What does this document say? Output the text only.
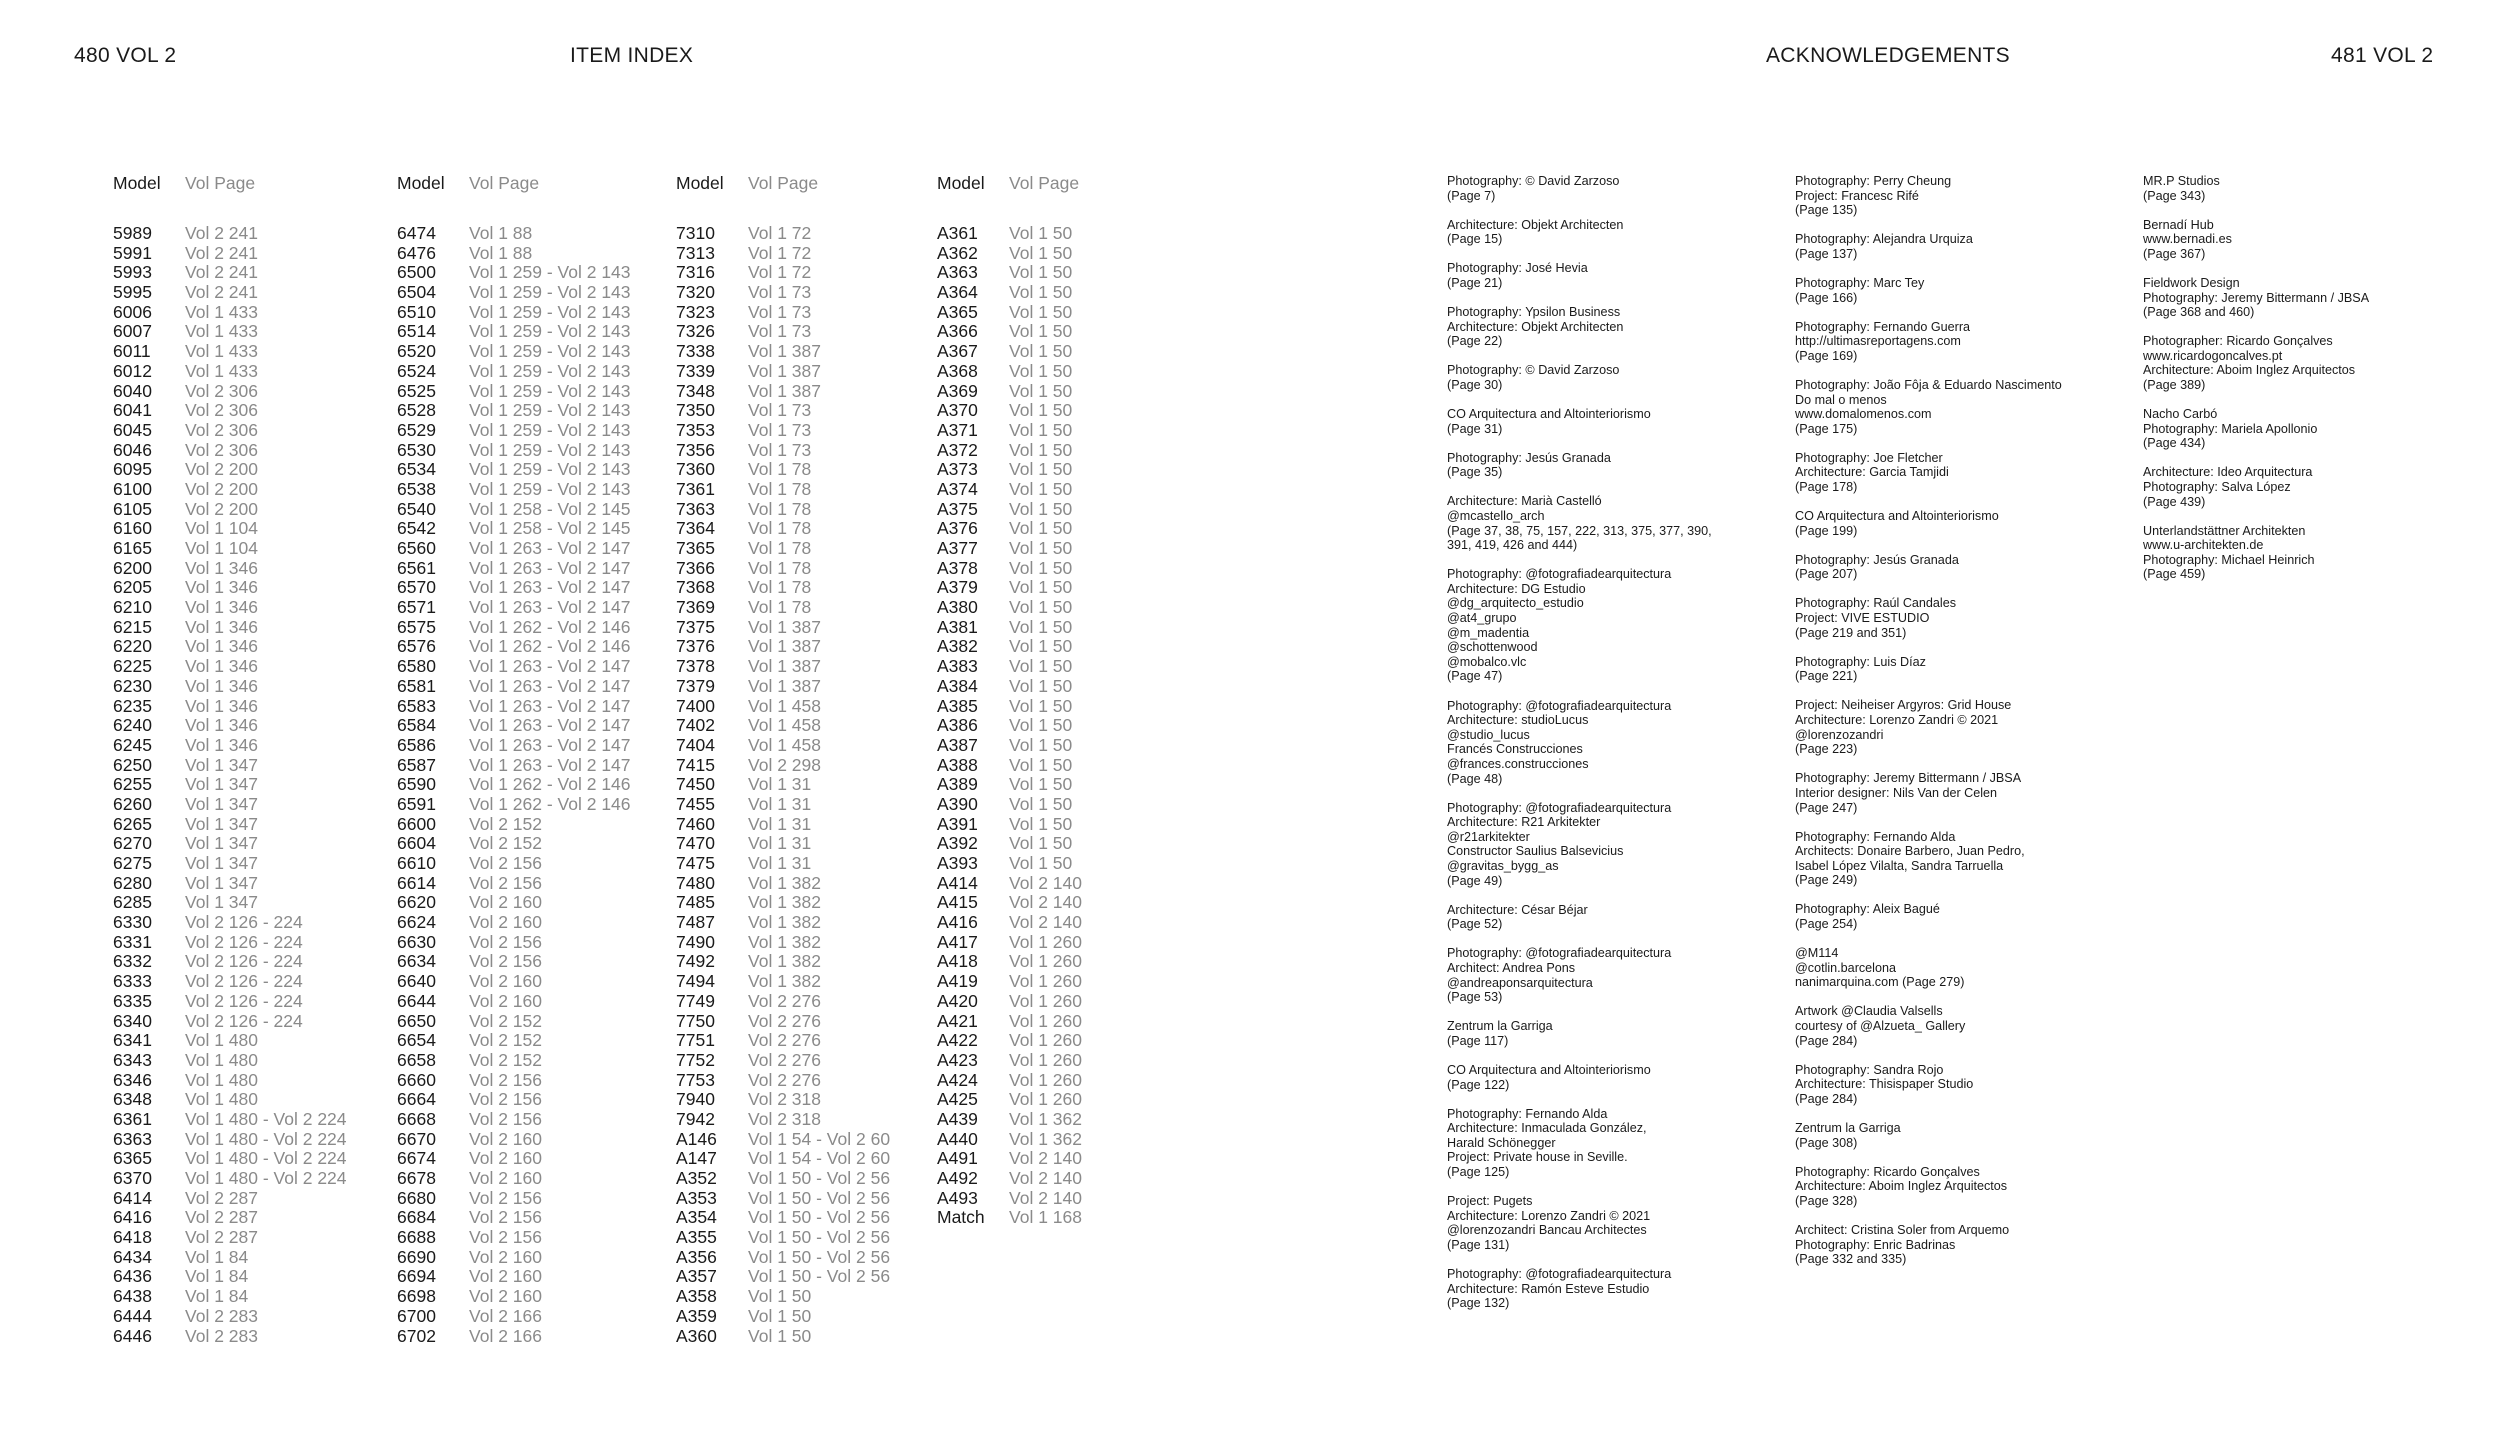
480 VOL 2	ITEM INDEX	ACKNOWLEDGEMENTS	481 VOL 2
Model Vol Page
5989 Vol 2 241
5991 Vol 2 241
5993 Vol 2 241
5995 Vol 2 241
6006 Vol 1 433
6007 Vol 1 433
6011 Vol 1 433
6012 Vol 1 433
6040 Vol 2 306
6041 Vol 2 306
6045 Vol 2 306
6046 Vol 2 306
6095 Vol 2 200
6100 Vol 2 200
6105 Vol 2 200
6160 Vol 1 104
6165 Vol 1 104
6200 Vol 1 346
6205 Vol 1 346
6210 Vol 1 346
6215 Vol 1 346
6220 Vol 1 346
6225 Vol 1 346
6230 Vol 1 346
6235 Vol 1 346
6240 Vol 1 346
6245 Vol 1 346
6250 Vol 1 347
6255 Vol 1 347
6260 Vol 1 347
6265 Vol 1 347
6270 Vol 1 347
6275 Vol 1 347
6280 Vol 1 347
6285 Vol 1 347
6330 Vol 2 126 - 224
6331 Vol 2 126 - 224
6332 Vol 2 126 - 224
6333 Vol 2 126 - 224
6335 Vol 2 126 - 224
6340 Vol 2 126 - 224
6341 Vol 1 480
6343 Vol 1 480
6346 Vol 1 480
6348 Vol 1 480
6361 Vol 1 480 - Vol 2 224
6363 Vol 1 480 - Vol 2 224
6365 Vol 1 480 - Vol 2 224
6370 Vol 1 480 - Vol 2 224
6414 Vol 2 287
6416 Vol 2 287
6418 Vol 2 287
6434 Vol 1 84
6436 Vol 1 84
6438 Vol 1 84
6444 Vol 2 283
6446 Vol 2 283
Model Vol Page
6474 Vol 1 88
6476 Vol 1 88
6500 Vol 1 259 - Vol 2 143
6504 Vol 1 259 - Vol 2 143
6510 Vol 1 259 - Vol 2 143
6514 Vol 1 259 - Vol 2 143
6520 Vol 1 259 - Vol 2 143
6524 Vol 1 259 - Vol 2 143
6525 Vol 1 259 - Vol 2 143
6528 Vol 1 259 - Vol 2 143
6529 Vol 1 259 - Vol 2 143
6530 Vol 1 259 - Vol 2 143
6534 Vol 1 259 - Vol 2 143
6538 Vol 1 259 - Vol 2 143
6540 Vol 1 258 - Vol 2 145
6542 Vol 1 258 - Vol 2 145
6560 Vol 1 263 - Vol 2 147
6561 Vol 1 263 - Vol 2 147
6570 Vol 1 263 - Vol 2 147
6571 Vol 1 263 - Vol 2 147
6575 Vol 1 262 - Vol 2 146
6576 Vol 1 262 - Vol 2 146
6580 Vol 1 263 - Vol 2 147
6581 Vol 1 263 - Vol 2 147
6583 Vol 1 263 - Vol 2 147
6584 Vol 1 263 - Vol 2 147
6586 Vol 1 263 - Vol 2 147
6587 Vol 1 263 - Vol 2 147
6590 Vol 1 262 - Vol 2 146
6591 Vol 1 262 - Vol 2 146
6600 Vol 2 152
6604 Vol 2 152
6610 Vol 2 156
6614 Vol 2 156
6620 Vol 2 160
6624 Vol 2 160
6630 Vol 2 156
6634 Vol 2 156
6640 Vol 2 160
6644 Vol 2 160
6650 Vol 2 152
6654 Vol 2 152
6658 Vol 2 152
6660 Vol 2 156
6664 Vol 2 156
6668 Vol 2 156
6670 Vol 2 160
6674 Vol 2 160
6678 Vol 2 160
6680 Vol 2 156
6684 Vol 2 156
6688 Vol 2 156
6690 Vol 2 160
6694 Vol 2 160
6698 Vol 2 160
6700 Vol 2 166
6702 Vol 2 166
Model Vol Page
7310 Vol 1 72
7313 Vol 1 72
7316 Vol 1 72
7320 Vol 1 73
7323 Vol 1 73
7326 Vol 1 73
7338 Vol 1 387
7339 Vol 1 387
7348 Vol 1 387
7350 Vol 1 73
7353 Vol 1 73
7356 Vol 1 73
7360 Vol 1 78
7361 Vol 1 78
7363 Vol 1 78
7364 Vol 1 78
7365 Vol 1 78
7366 Vol 1 78
7368 Vol 1 78
7369 Vol 1 78
7375 Vol 1 387
7376 Vol 1 387
7378 Vol 1 387
7379 Vol 1 387
7400 Vol 1 458
7402 Vol 1 458
7404 Vol 1 458
7415 Vol 2 298
7450 Vol 1 31
7455 Vol 1 31
7460 Vol 1 31
7470 Vol 1 31
7475 Vol 1 31
7480 Vol 1 382
7485 Vol 1 382
7487 Vol 1 382
7490 Vol 1 382
7492 Vol 1 382
7494 Vol 1 382
7749 Vol 2 276
7750 Vol 2 276
7751 Vol 2 276
7752 Vol 2 276
7753 Vol 2 276
7940 Vol 2 318
7942 Vol 2 318
A146 Vol 1 54 - Vol 2 60
A147 Vol 1 54 - Vol 2 60
A352 Vol 1 50 - Vol 2 56
A353 Vol 1 50 - Vol 2 56
A354 Vol 1 50 - Vol 2 56
A355 Vol 1 50 - Vol 2 56
A356 Vol 1 50 - Vol 2 56
A357 Vol 1 50 - Vol 2 56
A358 Vol 1 50
A359 Vol 1 50
A360 Vol 1 50
Model Vol Page
A361 Vol 1 50
A362 Vol 1 50
A363 Vol 1 50
A364 Vol 1 50
A365 Vol 1 50
A366 Vol 1 50
A367 Vol 1 50
A368 Vol 1 50
A369 Vol 1 50
A370 Vol 1 50
A371 Vol 1 50
A372 Vol 1 50
A373 Vol 1 50
A374 Vol 1 50
A375 Vol 1 50
A376 Vol 1 50
A377 Vol 1 50
A378 Vol 1 50
A379 Vol 1 50
A380 Vol 1 50
A381 Vol 1 50
A382 Vol 1 50
A383 Vol 1 50
A384 Vol 1 50
A385 Vol 1 50
A386 Vol 1 50
A387 Vol 1 50
A388 Vol 1 50
A389 Vol 1 50
A390 Vol 1 50
A391 Vol 1 50
A392 Vol 1 50
A393 Vol 1 50
A414 Vol 2 140
A415 Vol 2 140
A416 Vol 2 140
A417 Vol 1 260
A418 Vol 1 260
A419 Vol 1 260
A420 Vol 1 260
A421 Vol 1 260
A422 Vol 1 260
A423 Vol 1 260
A424 Vol 1 260
A425 Vol 1 260
A439 Vol 1 362
A440 Vol 1 362
A491 Vol 2 140
A492 Vol 2 140
A493 Vol 2 140
Match Vol 1 168
Photography: © David Zarzoso
(Page 7)
Architecture: Objekt Architecten
(Page 15)
Photography: José Hevia
(Page 21)
Photography: Ypsilon Business
Architecture: Objekt Architecten
(Page 22)
Photography: © David Zarzoso
(Page 30)
CO Arquitectura and Altointeriorismo
(Page 31)
Photography: Jesús Granada
(Page 35)
Architecture: Marià Castelló
@mcastello_arch
(Page 37, 38, 75, 157, 222, 313, 375, 377, 390,
391, 419, 426 and 444)
Photography: @fotografiadearquitectura
Architecture: DG Estudio
@dg_arquitecto_estudio
@at4_grupo
@m_madentia
@schottenwood
@mobalco.vlc
(Page 47)
Photography: @fotografiadearquitectura
Architecture: studioLucus
@studio_lucus
Francés Construcciones
@frances.construcciones
(Page 48)
Photography: @fotografiadearquitectura
Architecture: R21 Arkitekter
@r21arkitekter
Constructor Saulius Balsevicius
@gravitas_bygg_as
(Page 49)
Architecture: César Béjar
(Page 52)
Photography: @fotografiadearquitectura
Architect: Andrea Pons
@andreaponsarquitectura
(Page 53)
Zentrum la Garriga
(Page 117)
CO Arquitectura and Altointeriorismo
(Page 122)
Photography: Fernando Alda
Architecture: Inmaculada González,
Harald Schönegger
Project: Private house in Seville.
(Page 125)
Project: Pugets
Architecture: Lorenzo Zandri © 2021
@lorenzozandri Bancau Architectes
(Page 131)
Photography: @fotografiadearquitectura
Architecture: Ramón Esteve Estudio
(Page 132)
Photography: Perry Cheung
Project: Francesc Rifé
(Page 135)
Photography: Alejandra Urquiza
(Page 137)
Photography: Marc Tey
(Page 166)
Photography: Fernando Guerra
http://ultimasreportagens.com
(Page 169)
Photography: João Fôja & Eduardo Nascimento
Do mal o menos
www.domalomenos.com
(Page 175)
Photography: Joe Fletcher
Architecture: Garcia Tamjidi
(Page 178)
CO Arquitectura and Altointeriorismo
(Page 199)
Photography: Jesús Granada
(Page 207)
Photography: Raúl Candales
Project: VIVE ESTUDIO
(Page 219 and 351)
Photography: Luis Díaz
(Page 221)
Project: Neiheiser Argyros: Grid House
Architecture: Lorenzo Zandri © 2021
@lorenzozandri
(Page 223)
Photography: Jeremy Bittermann / JBSA
Interior designer: Nils Van der Celen
(Page 247)
Photography: Fernando Alda
Architects: Donaire Barbero, Juan Pedro,
Isabel López Vilalta, Sandra Tarruella
(Page 249)
Photography: Aleix Bagué
(Page 254)
@M114
@cotlin.barcelona
nanimarquina.com (Page 279)
Artwork @Claudia Valsells
courtesy of @Alzueta_ Gallery
(Page 284)
Photography: Sandra Rojo
Architecture: Thisispaper Studio
(Page 284)
Zentrum la Garriga
(Page 308)
Photography: Ricardo Gonçalves
Architecture: Aboim Inglez Arquitectos
(Page 328)
Architect: Cristina Soler from Arquemo
Photography: Enric Badrinas
(Page 332 and 335)
MR.P Studios
(Page 343)
Bernadí Hub
www.bernadi.es
(Page 367)
Fieldwork Design
Photography: Jeremy Bittermann / JBSA
(Page 368 and 460)
Photographer: Ricardo Gonçalves
www.ricardogoncalves.pt
Architecture: Aboim Inglez Arquitectos
(Page 389)
Nacho Carbó
Photography: Mariela Apollonio
(Page 434)
Architecture: Ideo Arquitectura
Photography: Salva López
(Page 439)
Unterlandstättner Architekten
www.u-architekten.de
Photography: Michael Heinrich
(Page 459)
